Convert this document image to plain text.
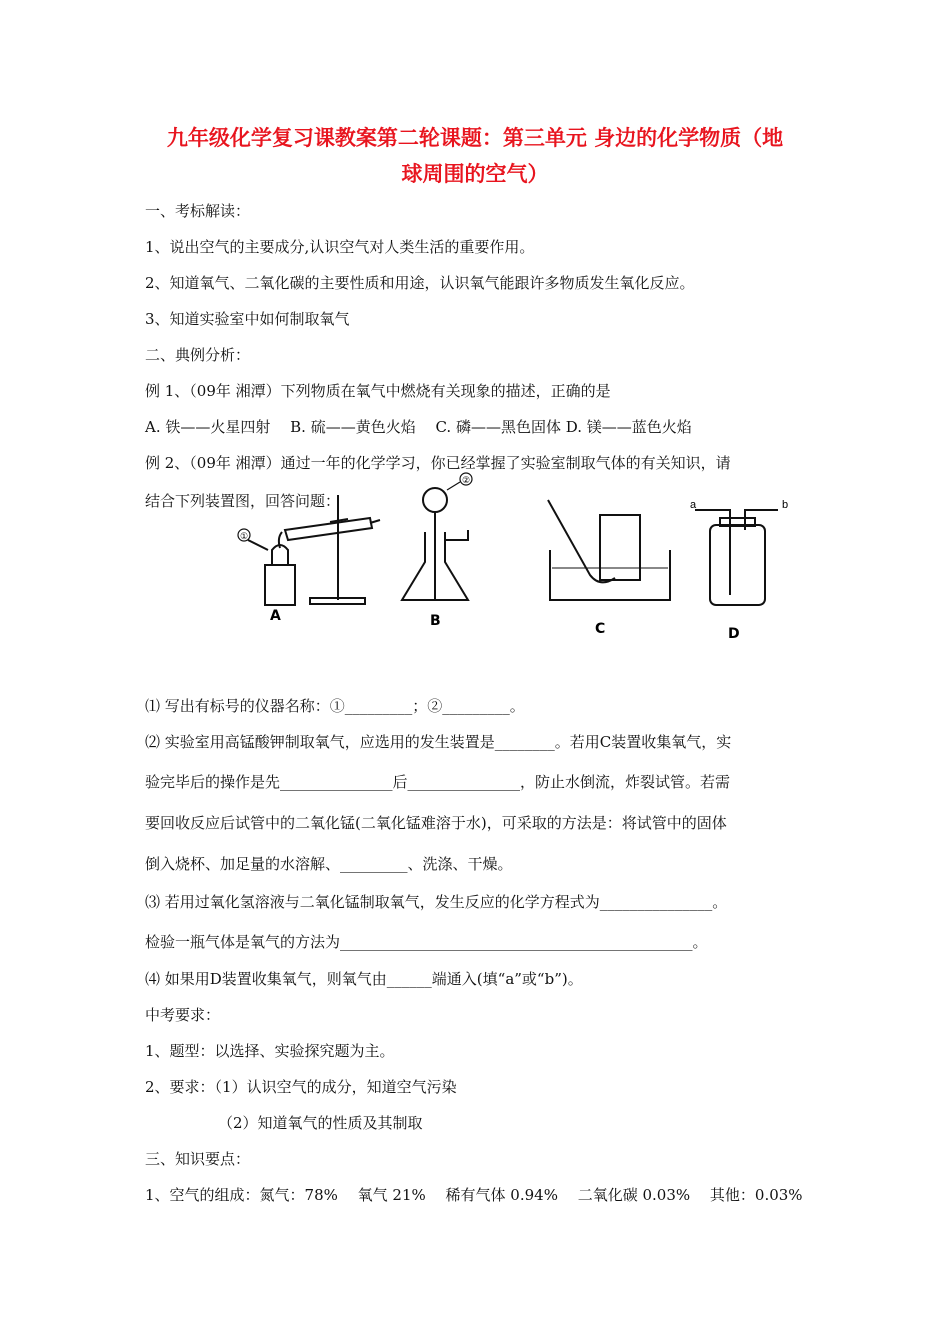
九年级化学复习课教案第二轮课题：第三单元 身边的化学物质（地
球周围的空气）
一、考标解读：
1、说出空气的主要成分,认识空气对人类生活的重要作用。
2、知道氧气、二氧化碳的主要性质和用途，认识氧气能跟许多物质发生氧化反应。
3、知道实验室中如何制取氧气
二、典例分析：
例 1、（09年 湘潭）下列物质在氧气中燃烧有关现象的描述，正确的是
A. 铁——火星四射　 B. 硫——黄色火焰　 C. 磷——黑色固体 D. 镁——蓝色火焰
例 2、（09年 湘潭）通过一年的化学学习，你已经掌握了实验室制取气体的有关知识，请
结合下列装置图，回答问题：
①
②
a	b
A	B	C	D
⑴ 写出有标号的仪器名称：①_________；②_________。
⑵ 实验室用高锰酸钾制取氧气，应选用的发生装置是________。若用C装置收集氧气，实
验完毕后的操作是先_______________后_______________，防止水倒流，炸裂试管。若需
要回收反应后试管中的二氧化锰(二氧化锰难溶于水)，可采取的方法是：将试管中的固体
倒入烧杯、加足量的水溶解、_________、洗涤、干燥。
⑶ 若用过氧化氢溶液与二氧化锰制取氧气，发生反应的化学方程式为_______________。
检验一瓶气体是氧气的方法为_______________________________________________。
⑷ 如果用D装置收集氧气，则氧气由______端通入(填“a”或“b”)。
中考要求：
1、题型：以选择、实验探究题为主。
2、要求：（1）认识空气的成分，知道空气污染
（2）知道氧气的性质及其制取
三、知识要点：
1、空气的组成：氮气：78%　 氧气 21%　 稀有气体 0.94%　 二氧化碳 0.03%　 其他：0.03%
